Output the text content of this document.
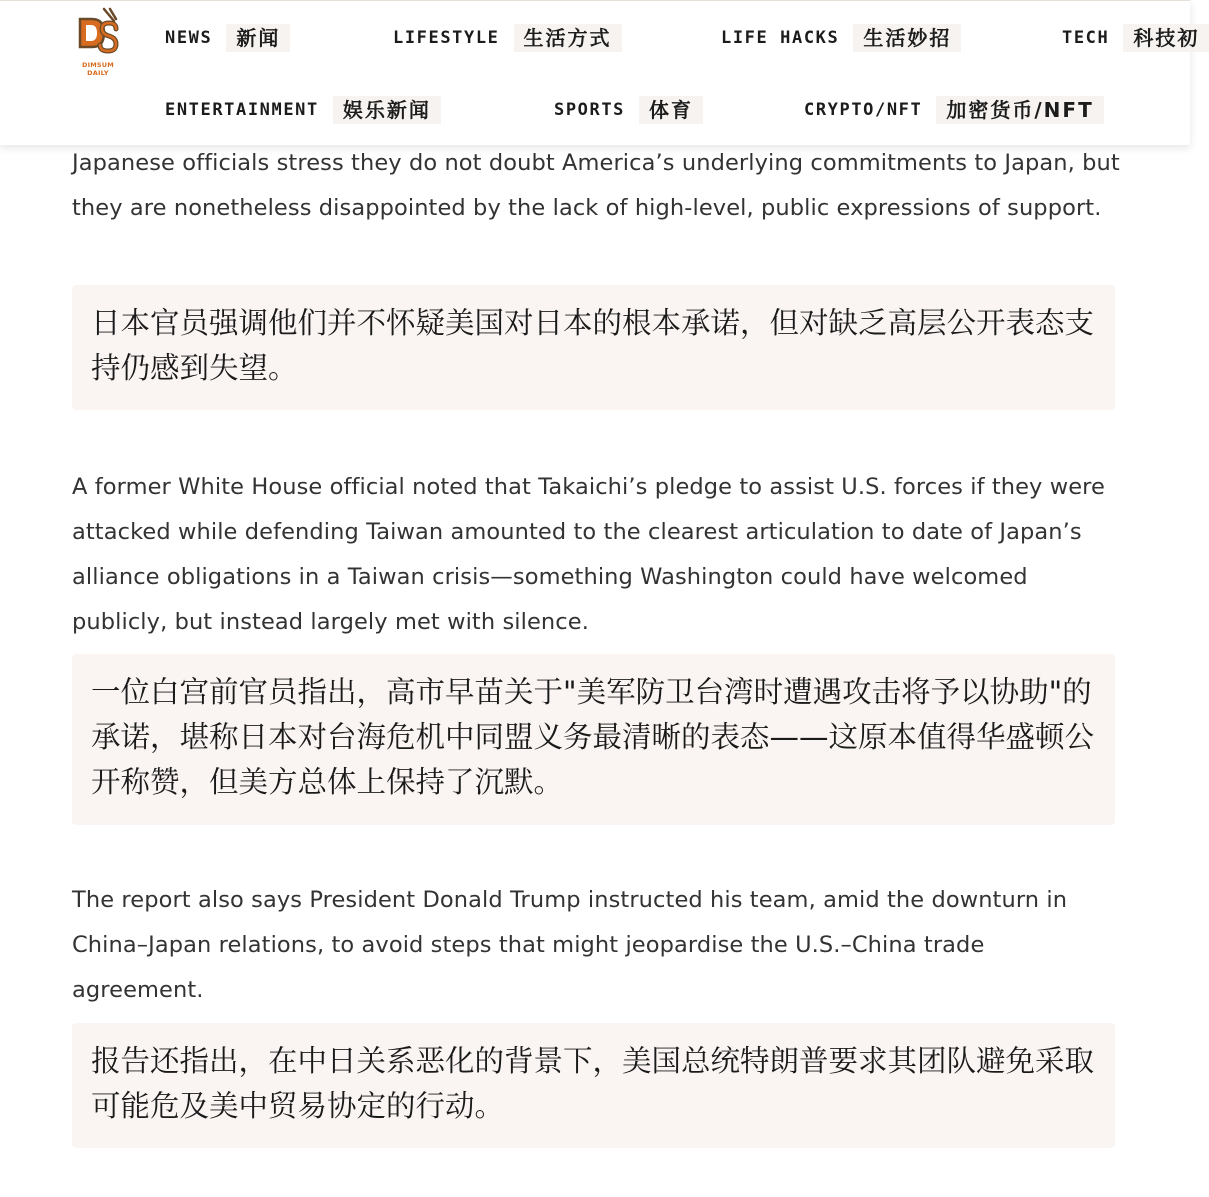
Japanese officials stress they do not doubt America’s underlying commitments to Japan, but they are nonetheless disappointed by the lack of high-level, public expressions of support.

日本官员强调他们并不怀疑美国对日本的根本承诺，但对缺乏高层公开表态支持仍感到失望。

A former White House official noted that Takaichi’s pledge to assist U.S. forces if they were attacked while defending Taiwan amounted to the clearest articulation to date of Japan’s alliance obligations in a Taiwan crisis—something Washington could have welcomed publicly, but instead largely met with silence.

一位白宫前官员指出，高市早苗关于"美军防卫台湾时遭遇攻击将予以协助"的承诺，堪称日本对台海危机中同盟义务最清晰的表态——这原本值得华盛顿公开称赞，但美方总体上保持了沉默。

The report also says President Donald Trump instructed his team, amid the downturn in China–Japan relations, to avoid steps that might jeopardise the U.S.–China trade agreement.

报告还指出，在中日关系恶化的背景下，美国总统特朗普要求其团队避免采取可能危及美中贸易协定的行动。
DIMSUM DAILY
NEWS	新闻	LIFESTYLE	生活方式	LIFE HACKS	生活妙招	TECH	科技初
ENTERTAINMENT	娱乐新闻	SPORTS	体育	CRYPTO/NFT	加密货币/NFT
